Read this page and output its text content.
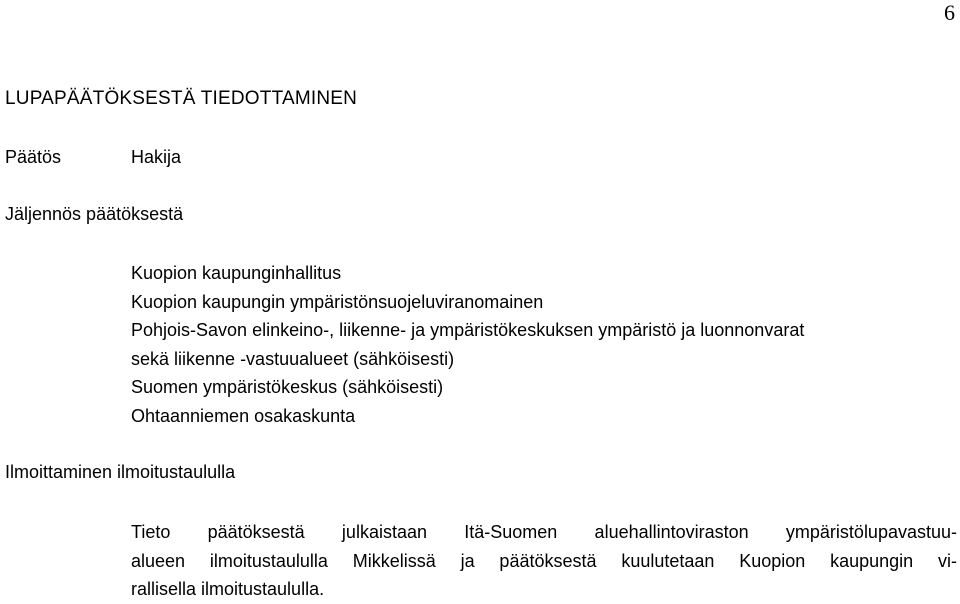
6
LUPAPÄÄTÖKSESTÄ TIEDOTTAMINEN
Päätös	Hakija
Jäljennös päätöksestä
Kuopion kaupunginhallitus
Kuopion kaupungin ympäristönsuojeluviranomainen
Pohjois-Savon elinkeino-, liikenne- ja ympäristökeskuksen ympäristö ja luonnonvarat
sekä liikenne -vastuualueet (sähköisesti)
Suomen ympäristökeskus (sähköisesti)
Ohtaanniemen osakaskunta
Ilmoittaminen ilmoitustaululla
Tieto päätöksestä julkaistaan Itä-Suomen aluehallintoviraston ympäristölupavastuu-
alueen ilmoitustaululla Mikkelissä ja päätöksestä kuulutetaan Kuopion kaupungin vi-
rallisella ilmoitustaululla.
